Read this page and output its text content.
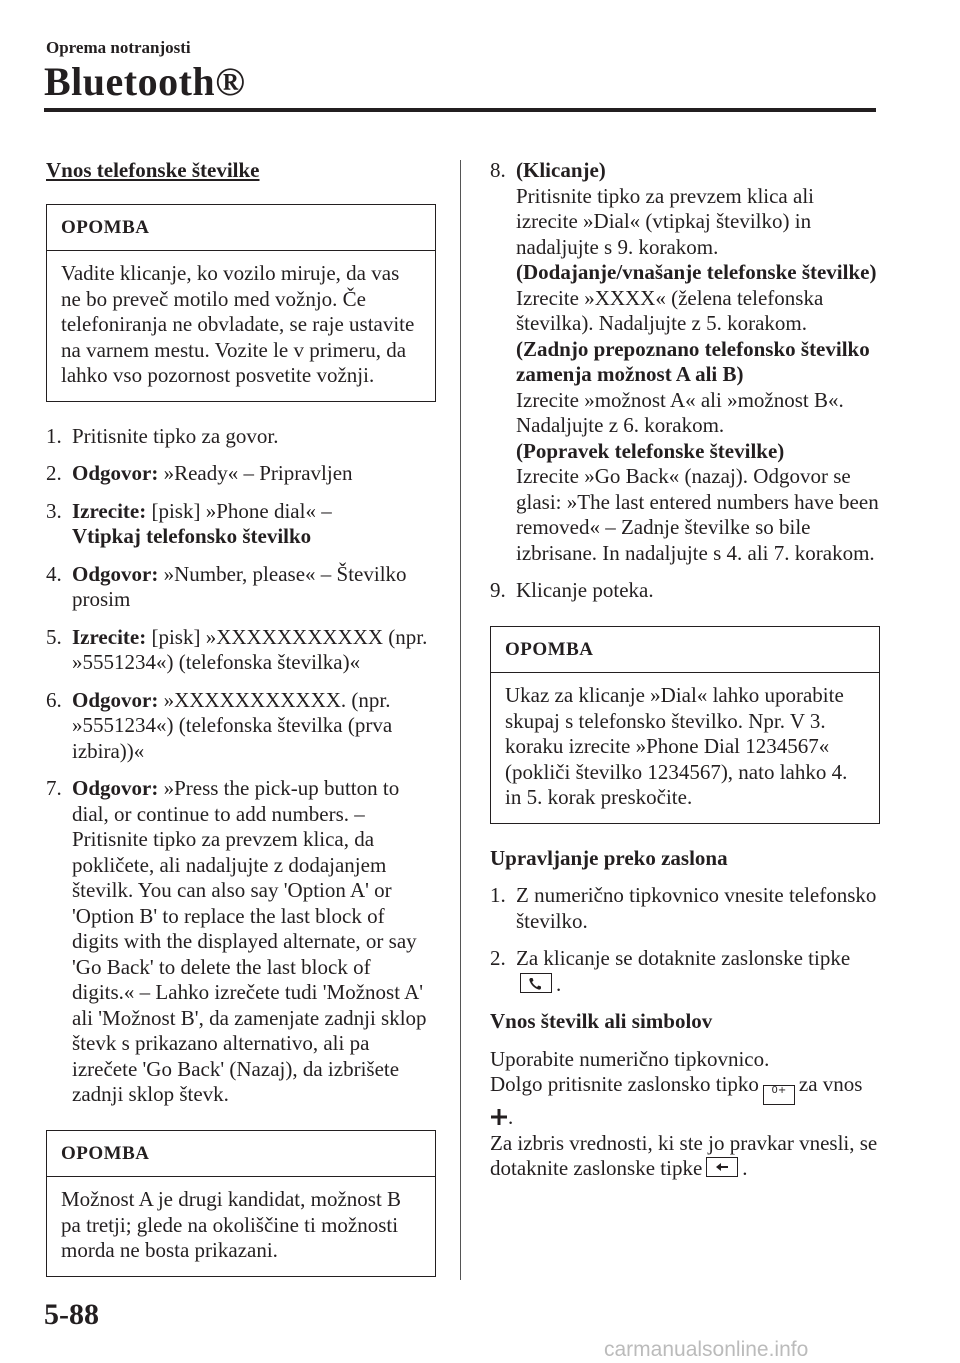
Oprema notranjosti
Bluetooth®
Vnos telefonske številke
OPOMBA
Vadite klicanje, ko vozilo miruje, da vas ne bo preveč motilo med vožnjo. Če telefoniranja ne obvladate, se raje ustavite na varnem mestu. Vozite le v primeru, da lahko vso pozornost posvetite vožnji.
1. Pritisnite tipko za govor.
2. Odgovor: »Ready« – Pripravljen
3. Izrecite: [pisk] »Phone dial« –
Vtipkaj telefonsko številko
4. Odgovor: »Number, please« – Številko prosim
5. Izrecite: [pisk] »XXXXXXXXXXX (npr. »5551234«) (telefonska številka)«
6. Odgovor: »XXXXXXXXXXX. (npr. »5551234«) (telefonska številka (prva izbira))«
7. Odgovor: »Press the pick-up button to dial, or continue to add numbers. – Pritisnite tipko za prevzem klica, da pokličete, ali nadaljujte z dodajanjem številk. You can also say 'Option A' or 'Option B' to replace the last block of digits with the displayed alternate, or say 'Go Back' to delete the last block of digits.« – Lahko izrečete tudi 'Možnost A' ali 'Možnost B', da zamenjate zadnji sklop števk s prikazano alternativo, ali pa izrečete 'Go Back' (Nazaj), da izbrišete zadnji sklop števk.
OPOMBA
Možnost A je drugi kandidat, možnost B pa tretji; glede na okoliščine ti možnosti morda ne bosta prikazani.
8. (Klicanje)
Pritisnite tipko za prevzem klica ali izrecite »Dial« (vtipkaj številko) in nadaljujte s 9. korakom.
(Dodajanje/vnašanje telefonske številke)
Izrecite »XXXX« (želena telefonska številka). Nadaljujte z 5. korakom.
(Zadnjo prepoznano telefonsko številko zamenja možnost A ali B)
Izrecite »možnost A« ali »možnost B«. Nadaljujte z 6. korakom.
(Popravek telefonske številke)
Izrecite »Go Back« (nazaj). Odgovor se glasi: »The last entered numbers have been removed« – Zadnje številke so bile izbrisane. In nadaljujte s 4. ali 7. korakom.
9. Klicanje poteka.
OPOMBA
Ukaz za klicanje »Dial« lahko uporabite skupaj s telefonsko številko. Npr. V 3. koraku izrecite »Phone Dial 1234567« (pokliči številko 1234567), nato lahko 4. in 5. korak preskočite.
Upravljanje preko zaslona
1. Z numerično tipkovnico vnesite telefonsko številko.
2. Za klicanje se dotaknite zaslonske tipke
.
Vnos številk ali simbolov
Uporabite numerično tipkovnico.
Dolgo pritisnite zaslonsko tipko 0+ za vnos .
Za izbris vrednosti, ki ste jo pravkar vnesli, se dotaknite zaslonske tipke .
5-88
carmanualsonline.info
